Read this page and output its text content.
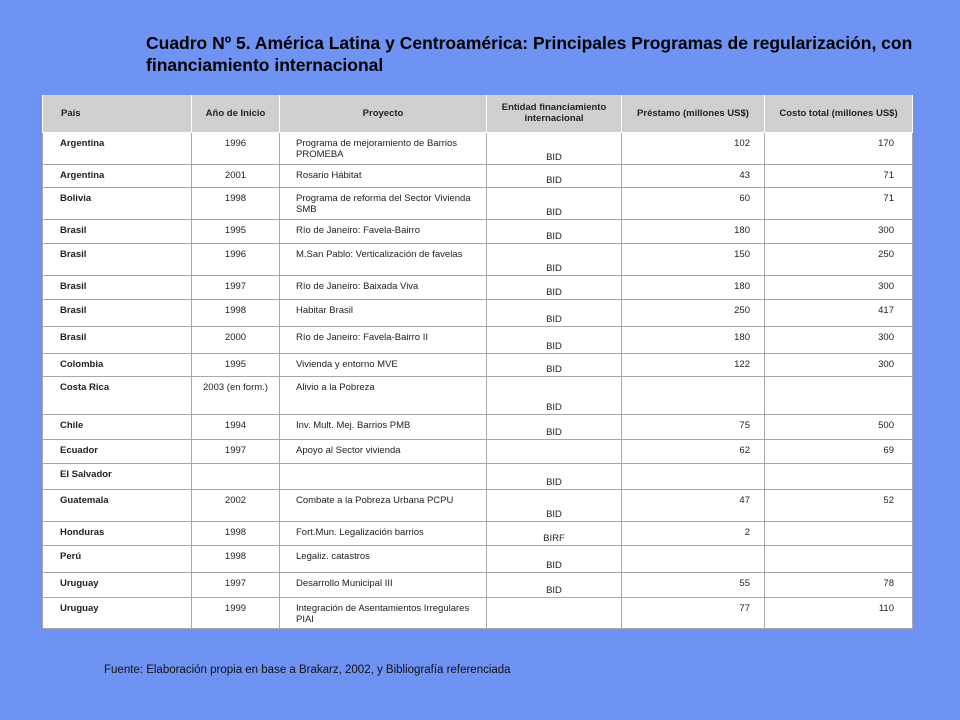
Cuadro Nº 5. América Latina y Centroamérica: Principales Programas de regularización, con financiamiento internacional
País	Año de Inicio	Proyecto	Entidad financiamiento internacional	Préstamo (millones US$)	Costo total (millones US$)
Argentina	1996	Programa de mejoramiento de Barrios PROMEBA	BID	102	170
Argentina	2001	Rosario Hábitat	BID	43	71
Bolivia	1998	Programa de reforma del Sector Vivienda SMB	BID	60	71
Brasil	1995	Río de Janeiro: Favela-Bairro	BID	180	300
Brasil	1996	M.San Pablo: Verticalización de favelas	BID	150	250
Brasil	1997	Río de Janeiro: Baixada Viva	BID	180	300
Brasil	1998	Habitar Brasil	BID	250	417
Brasil	2000	Río de Janeiro: Favela-Bairro II	BID	180	300
Colombia	1995	Vivienda y entorno MVE	BID	122	300
Costa Rica	2003 (en form.)	Alivio a la Pobreza	BID		
Chile	1994	Inv. Mult. Mej. Barrios PMB	BID	75	500
Ecuador	1997	Apoyo al Sector vivienda		62	69
El Salvador			BID		
Guatemala	2002	Combate a la Pobreza Urbana PCPU	BID	47	52
Honduras	1998	Fort.Mun. Legalización barrios	BIRF	2	
Perú	1998	Legaliz. catastros	BID		
Uruguay	1997	Desarrollo Municipal III	BID	55	78
Uruguay	1999	Integración de Asentamientos Irregulares PIAI		77	110

Fuente: Elaboración propia en base a Brakarz, 2002, y Bibliografía referenciada
